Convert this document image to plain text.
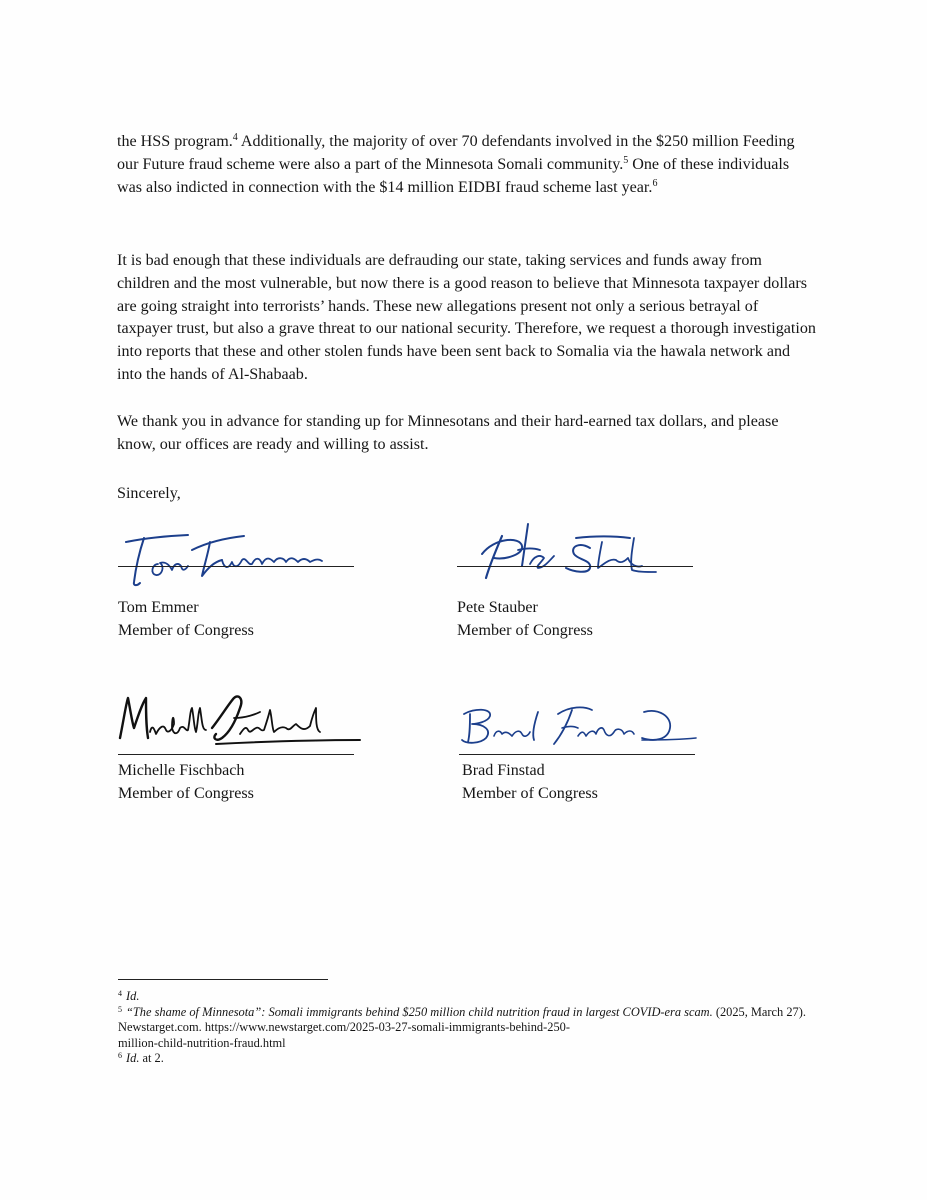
the HSS program.$^4$ Additionally, the majority of over 70 defendants involved in the $250 million Feeding our Future fraud scheme were also a part of the Minnesota Somali community.$^5$ One of these individuals was also indicted in connection with the $14 million EIDBI fraud scheme last year.$^6$

It is bad enough that these individuals are defrauding our state, taking services and funds away from children and the most vulnerable, but now there is a good reason to believe that Minnesota taxpayer dollars are going straight into terrorists’ hands. These new allegations present not only a serious betrayal of taxpayer trust, but also a grave threat to our national security. Therefore, we request a thorough investigation into reports that these and other stolen funds have been sent back to Somalia via the hawala network and into the hands of Al-Shabaab.

We thank you in advance for standing up for Minnesotans and their hard-earned tax dollars, and please know, our offices are ready and willing to assist.

Sincerely,
Tom Emmer
Member of Congress
Pete Stauber
Member of Congress
Michelle Fischbach
Member of Congress
Brad Finstad
Member of Congress

$^4$ Id.

$^5$ “The shame of Minnesota”: Somali immigrants behind $250 million child nutrition fraud in largest COVID-era scam. (2025, March 27). Newstarget.com. https://www.newstarget.com/2025-03-27-somali-immigrants-behind-250-
million-child-nutrition-fraud.html

$^6$ Id. at 2.
